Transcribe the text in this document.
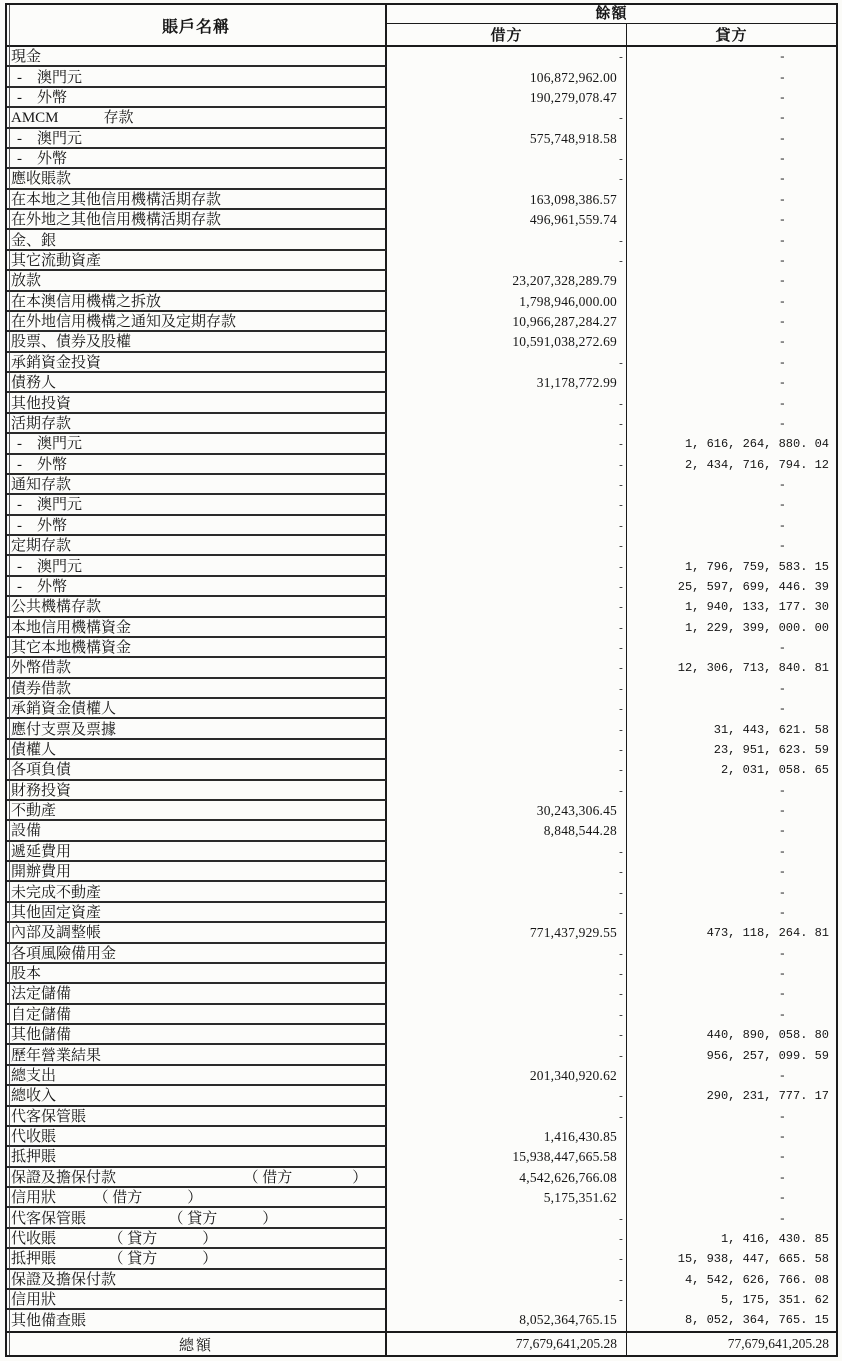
賬戶名稱
餘額
借方	貸方
現金	-	-
-　澳門元	106,872,962.00	-
-　外幣	190,279,078.47	-
AMCM　　　存款	-	-
-　澳門元	575,748,918.58	-
-　外幣	-	-
應收賬款	-	-
在本地之其他信用機構活期存款	163,098,386.57	-
在外地之其他信用機構活期存款	496,961,559.74	-
金、銀	-	-
其它流動資產	-	-
放款	23,207,328,289.79	-
在本澳信用機構之拆放	1,798,946,000.00	-
在外地信用機構之通知及定期存款	10,966,287,284.27	-
股票、債券及股權	10,591,038,272.69	-
承銷資金投資	-	-
債務人	31,178,772.99	-
其他投資	-	-
活期存款	-	-
-　澳門元	-	1, 616, 264, 880. 04
-　外幣	-	2, 434, 716, 794. 12
通知存款	-	-
-　澳門元	-	-
-　外幣	-	-
定期存款	-	-
-　澳門元	-	1, 796, 759, 583. 15
-　外幣	-	25, 597, 699, 446. 39
公共機構存款	-	1, 940, 133, 177. 30
本地信用機構資金	-	1, 229, 399, 000. 00
其它本地機構資金	-	-
外幣借款	-	12, 306, 713, 840. 81
債券借款	-	-
承銷資金債權人	-	-
應付支票及票據	-	31, 443, 621. 58
債權人	-	23, 951, 623. 59
各項負債	-	2, 031, 058. 65
財務投資	-	-
不動產	30,243,306.45	-
設備	8,848,544.28	-
遞延費用	-	-
開辦費用	-	-
未完成不動產	-	-
其他固定資產	-	-
內部及調整帳	771,437,929.55	473, 118, 264. 81
各項風險備用金	-	-
股本	-	-
法定儲備	-	-
自定儲備	-	-
其他儲備	-	440, 890, 058. 80
歷年營業結果	-	956, 257, 099. 59
總支出	201,340,920.62	-
總收入	-	290, 231, 777. 17
代客保管賬	-	-
代收賬	1,416,430.85	-
抵押賬	15,938,447,665.58	-
保證及擔保付款　　　　　　　　　（ 借方　　　　）	4,542,626,766.08	-
信用狀　　　（ 借方　　　）	5,175,351.62	-
代客保管賬　　　　　　（ 貸方　　　）	-	-
代收賬　　　　（ 貸方　　　）	-	1, 416, 430. 85
抵押賬　　　　（ 貸方　　　）	-	15, 938, 447, 665. 58
保證及擔保付款	-	4, 542, 626, 766. 08
信用狀	-	5, 175, 351. 62
其他備查賬	8,052,364,765.15	8, 052, 364, 765. 15
總額	77,679,641,205.28	77,679,641,205.28
